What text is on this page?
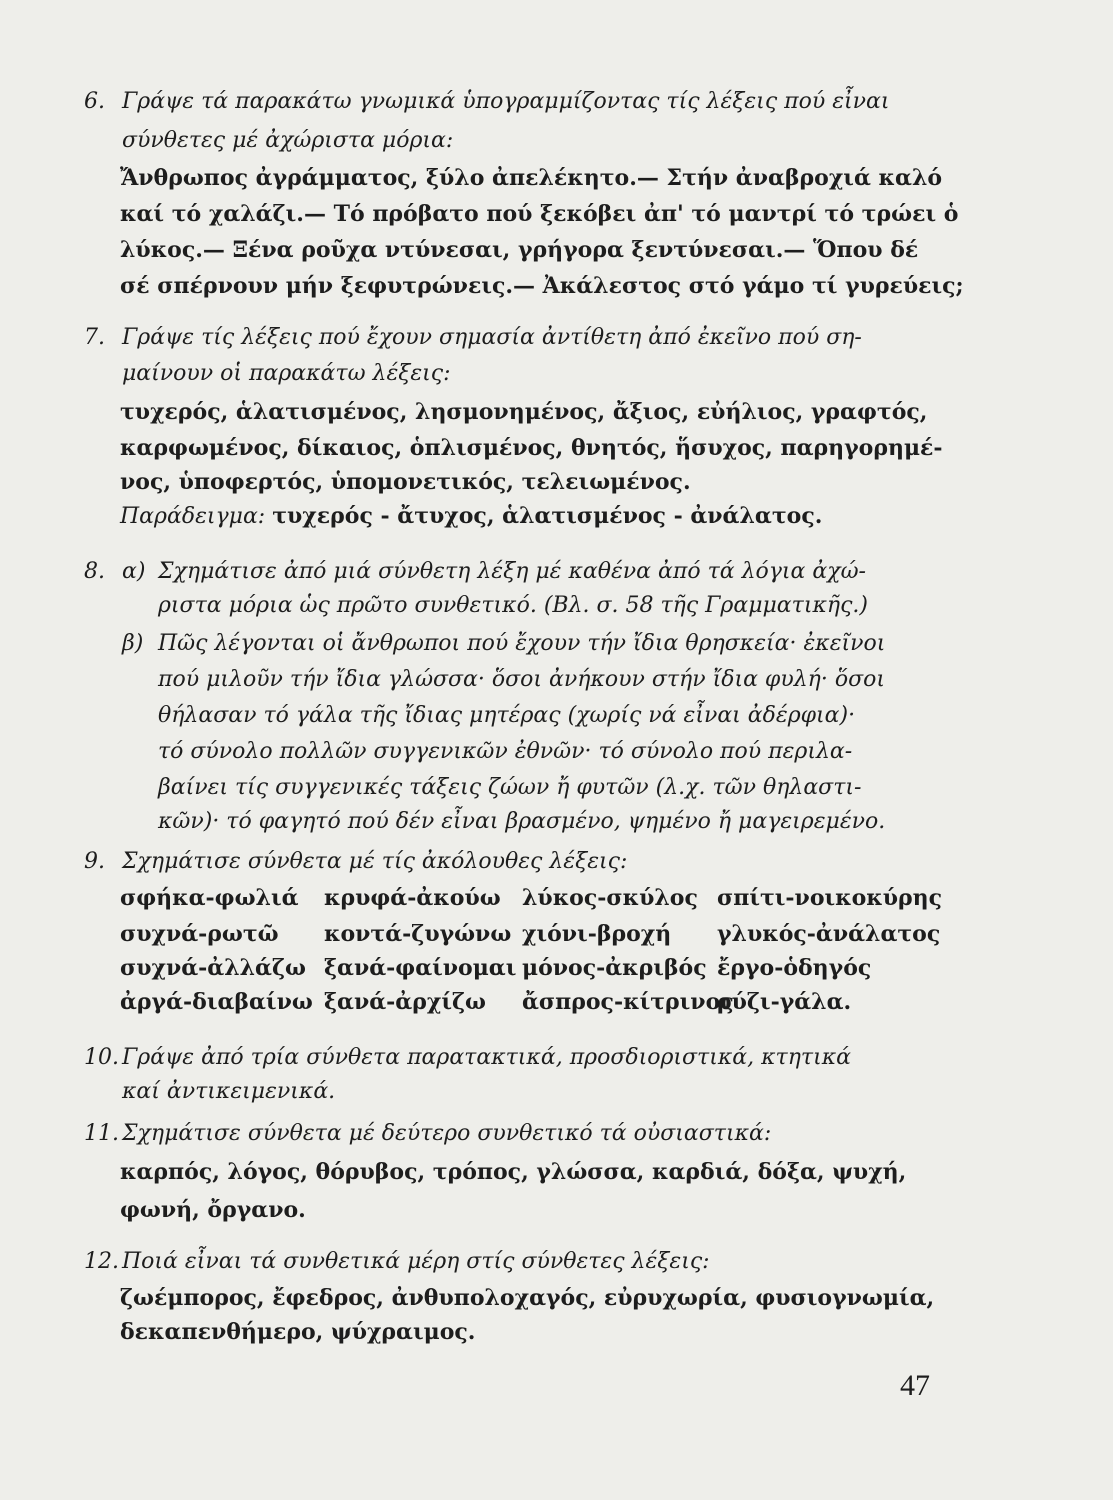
6. Γράψε τά παρακάτω γνωμικά ὑπογραμμίζοντας τίς λέξεις πού εἶναι
σύνθετες μέ ἀχώριστα μόρια:
Ἄνθρωπος ἀγράμματος, ξύλο ἀπελέκητο.— Στήν ἀναβροχιά καλό
καί τό χαλάζι.— Τό πρόβατο πού ξεκόβει ἀπ' τό μαντρί τό τρώει ὁ
λύκος.— Ξένα ροῦχα ντύνεσαι, γρήγορα ξεντύνεσαι.— Ὅπου δέ
σέ σπέρνουν μήν ξεφυτρώνεις.— Ἀκάλεστος στό γάμο τί γυρεύεις;
7. Γράψε τίς λέξεις πού ἔχουν σημασία ἀντίθετη ἀπό ἐκεῖνο πού ση-
μαίνουν οἱ παρακάτω λέξεις:
τυχερός, ἁλατισμένος, λησμονημένος, ἄξιος, εὐήλιος, γραφτός,
καρφωμένος, δίκαιος, ὁπλισμένος, θνητός, ἥσυχος, παρηγορημέ-
νος, ὑποφερτός, ὑπομονετικός, τελειωμένος.
Παράδειγμα: τυχερός - ἄτυχος, ἁλατισμένος - ἀνάλατος.
8. α) Σχημάτισε ἀπό μιά σύνθετη λέξη μέ καθένα ἀπό τά λόγια ἀχώ-
ριστα μόρια ὡς πρῶτο συνθετικό. (Βλ. σ. 58 τῆς Γραμματικῆς.)
β) Πῶς λέγονται οἱ ἄνθρωποι πού ἔχουν τήν ἴδια θρησκεία· ἐκεῖνοι
πού μιλοῦν τήν ἴδια γλώσσα· ὅσοι ἀνήκουν στήν ἴδια φυλή· ὅσοι
θήλασαν τό γάλα τῆς ἴδιας μητέρας (χωρίς νά εἶναι ἀδέρφια)·
τό σύνολο πολλῶν συγγενικῶν ἐθνῶν· τό σύνολο πού περιλα-
βαίνει τίς συγγενικές τάξεις ζώων ἤ φυτῶν (λ.χ. τῶν θηλαστι-
κῶν)· τό φαγητό πού δέν εἶναι βρασμένο, ψημένο ἤ μαγειρεμένο.
9. Σχημάτισε σύνθετα μέ τίς ἀκόλουθες λέξεις:
σφήκα-φωλιά κρυφά-ἀκούω λύκος-σκύλος σπίτι-νοικοκύρης
συχνά-ρωτῶ κοντά-ζυγώνω χιόνι-βροχή γλυκός-ἀνάλατος
συχνά-ἀλλάζω ξανά-φαίνομαι μόνος-ἀκριβός ἔργο-ὁδηγός
ἀργά-διαβαίνω ξανά-ἀρχίζω ἄσπρος-κίτρινος
ρύζι-γάλα.
10. Γράψε ἀπό τρία σύνθετα παρατακτικά, προσδιοριστικά, κτητικά
καί ἀντικειμενικά.
11. Σχημάτισε σύνθετα μέ δεύτερο συνθετικό τά οὐσιαστικά:
καρπός, λόγος, θόρυβος, τρόπος, γλώσσα, καρδιά, δόξα, ψυχή,
φωνή, ὄργανο.
12. Ποιά εἶναι τά συνθετικά μέρη στίς σύνθετες λέξεις:
ζωέμπορος, ἔφεδρος, ἀνθυπολοχαγός, εὐρυχωρία, φυσιογνωμία,
δεκαπενθήμερο, ψύχραιμος.
47
